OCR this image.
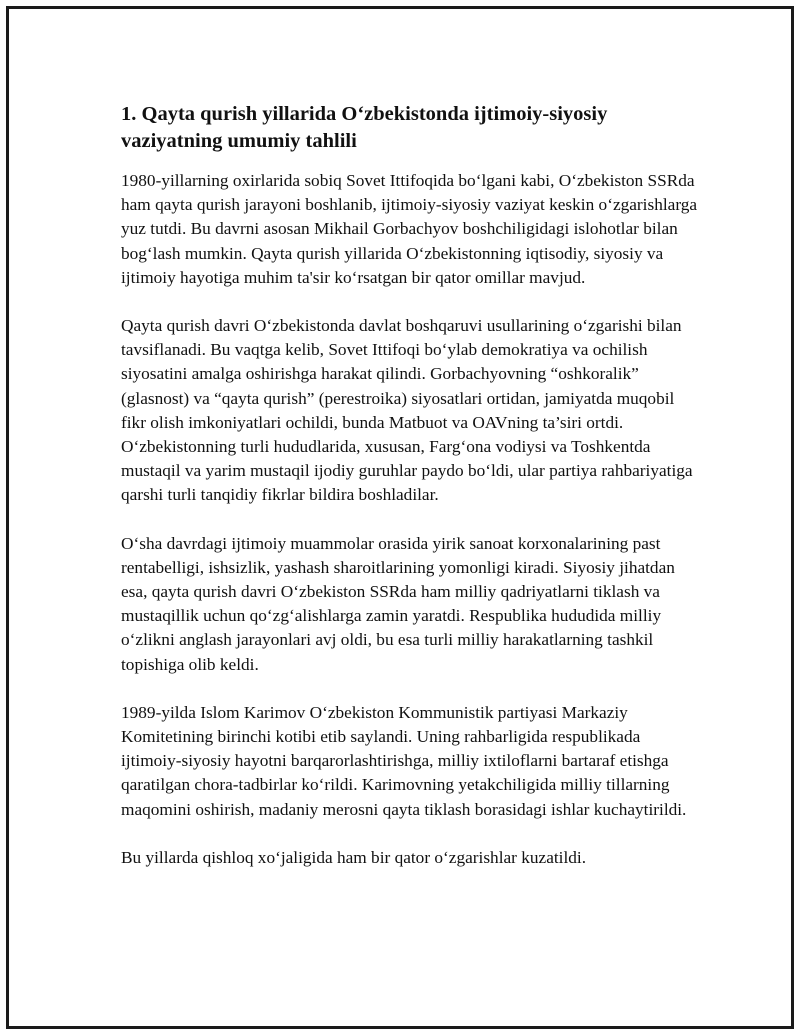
1. Qayta qurish yillarida O‘zbekistonda ijtimoiy-siyosiy vaziyatning umumiy tahlili

1980-yillarning oxirlarida sobiq Sovet Ittifoqida bo‘lgani kabi, O‘zbekiston SSRda ham qayta qurish jarayoni boshlanib, ijtimoiy-siyosiy vaziyat keskin o‘zgarishlarga yuz tutdi. Bu davrni asosan Mikhail Gorbachyov boshchiligidagi islohotlar bilan bog‘lash mumkin. Qayta qurish yillarida O‘zbekistonning iqtisodiy, siyosiy va ijtimoiy hayotiga muhim ta'sir ko‘rsatgan bir qator omillar mavjud.

Qayta qurish davri O‘zbekistonda davlat boshqaruvi usullarining o‘zgarishi bilan tavsiflanadi. Bu vaqtga kelib, Sovet Ittifoqi bo‘ylab demokratiya va ochilish siyosatini amalga oshirishga harakat qilindi. Gorbachyovning “oshkoralik” (glasnost) va “qayta qurish” (perestroika) siyosatlari ortidan, jamiyatda muqobil fikr olish imkoniyatlari ochildi, bunda Matbuot va OAVning ta’siri ortdi. O‘zbekistonning turli hududlarida, xususan, Farg‘ona vodiysi va Toshkentda mustaqil va yarim mustaqil ijodiy guruhlar paydo bo‘ldi, ular partiya rahbariyatiga qarshi turli tanqidiy fikrlar bildira boshladilar.

O‘sha davrdagi ijtimoiy muammolar orasida yirik sanoat korxonalarining past rentabelligi, ishsizlik, yashash sharoitlarining yomonligi kiradi. Siyosiy jihatdan esa, qayta qurish davri O‘zbekiston SSRda ham milliy qadriyatlarni tiklash va mustaqillik uchun qo‘zg‘alishlarga zamin yaratdi. Respublika hududida milliy o‘zlikni anglash jarayonlari avj oldi, bu esa turli milliy harakatlarning tashkil topishiga olib keldi.

1989-yilda Islom Karimov O‘zbekiston Kommunistik partiyasi Markaziy Komitetining birinchi kotibi etib saylandi. Uning rahbarligida respublikada ijtimoiy-siyosiy hayotni barqarorlashtirishga, milliy ixtiloflarni bartaraf etishga qaratilgan chora-tadbirlar ko‘rildi. Karimovning yetakchiligida milliy tillarning maqomini oshirish, madaniy merosni qayta tiklash borasidagi ishlar kuchaytirildi.

Bu yillarda qishloq xo‘jaligida ham bir qator o‘zgarishlar kuzatildi.
